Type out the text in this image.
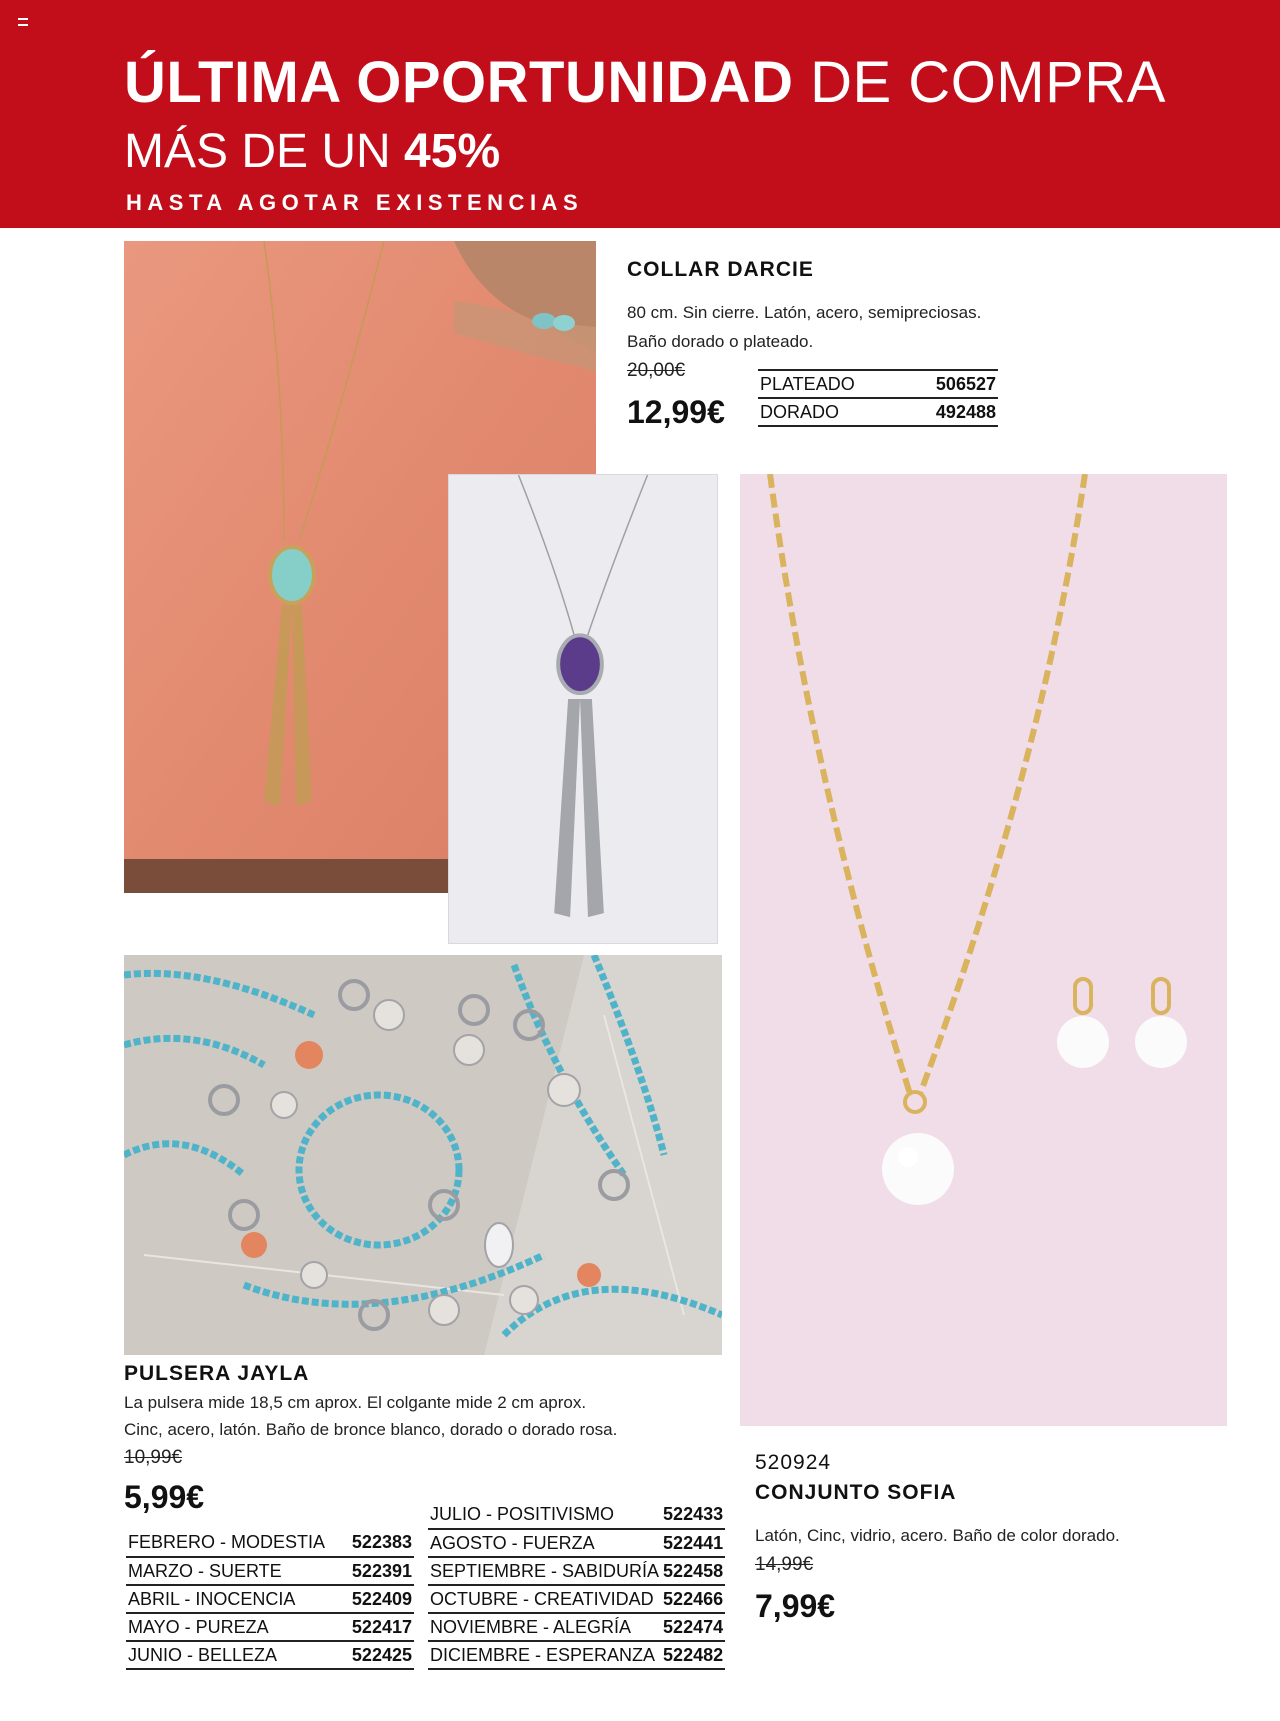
ÚLTIMA OPORTUNIDAD DE COMPRA
MÁS DE UN 45%
HASTA AGOTAR EXISTENCIAS
COLLAR DARCIE
80 cm. Sin cierre. Latón, acero, semipreciosas.
Baño dorado o plateado.
20,00€
12,99€
PLATEADO	506527
DORADO	492488
PULSERA JAYLA
La pulsera mide 18,5 cm aprox. El colgante mide 2 cm aprox.
Cinc, acero, latón. Baño de bronce blanco, dorado o dorado rosa.
10,99€
5,99€
FEBRERO - MODESTIA	522383
MARZO - SUERTE	522391
ABRIL - INOCENCIA	522409
MAYO - PUREZA	522417
JUNIO - BELLEZA	522425
JULIO - POSITIVISMO	522433
AGOSTO - FUERZA	522441
SEPTIEMBRE - SABIDURÍA	522458
OCTUBRE - CREATIVIDAD	522466
NOVIEMBRE - ALEGRÍA	522474
DICIEMBRE - ESPERANZA	522482
520924
CONJUNTO SOFIA
Latón, Cinc, vidrio, acero. Baño de color dorado.
14,99€
7,99€
